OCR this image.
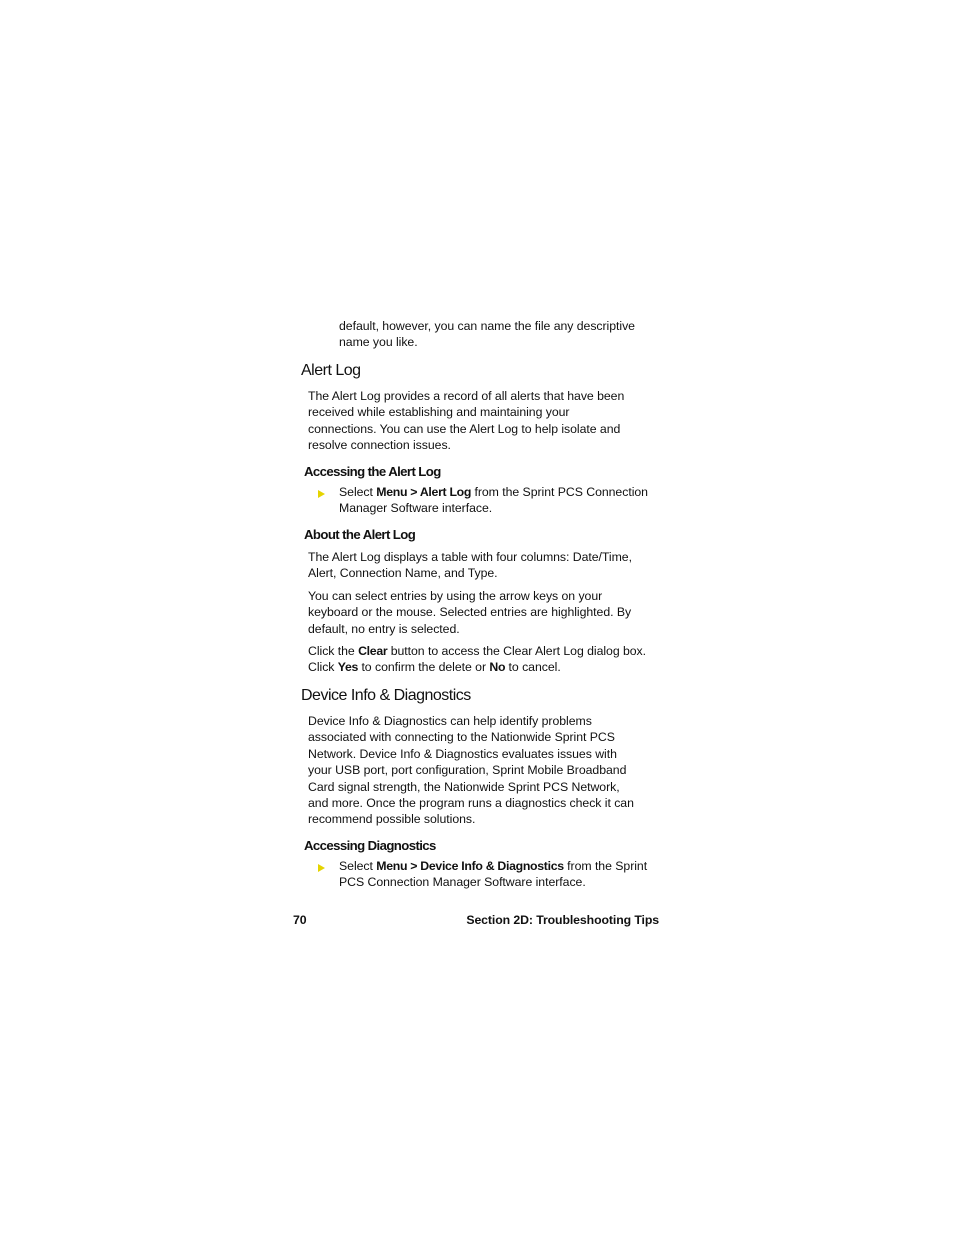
default, however, you can name the file any descriptive
name you like.
Alert Log
The Alert Log provides a record of all alerts that have been
received while establishing and maintaining your
connections. You can use the Alert Log to help isolate and
resolve connection issues.
Accessing the Alert Log
Select Menu > Alert Log from the Sprint PCS Connection
Manager Software interface.
About the Alert Log
The Alert Log displays a table with four columns: Date/Time,
Alert, Connection Name, and Type.
You can select entries by using the arrow keys on your
keyboard or the mouse. Selected entries are highlighted. By
default, no entry is selected.
Click the Clear button to access the Clear Alert Log dialog box.
Click Yes to confirm the delete or No to cancel.
Device Info & Diagnostics
Device Info & Diagnostics can help identify problems
associated with connecting to the Nationwide Sprint PCS
Network. Device Info & Diagnostics evaluates issues with
your USB port, port configuration, Sprint Mobile Broadband
Card signal strength, the Nationwide Sprint PCS Network,
and more. Once the program runs a diagnostics check it can
recommend possible solutions.
Accessing Diagnostics
Select Menu > Device Info & Diagnostics from the Sprint
PCS Connection Manager Software interface.
70	Section 2D: Troubleshooting Tips
